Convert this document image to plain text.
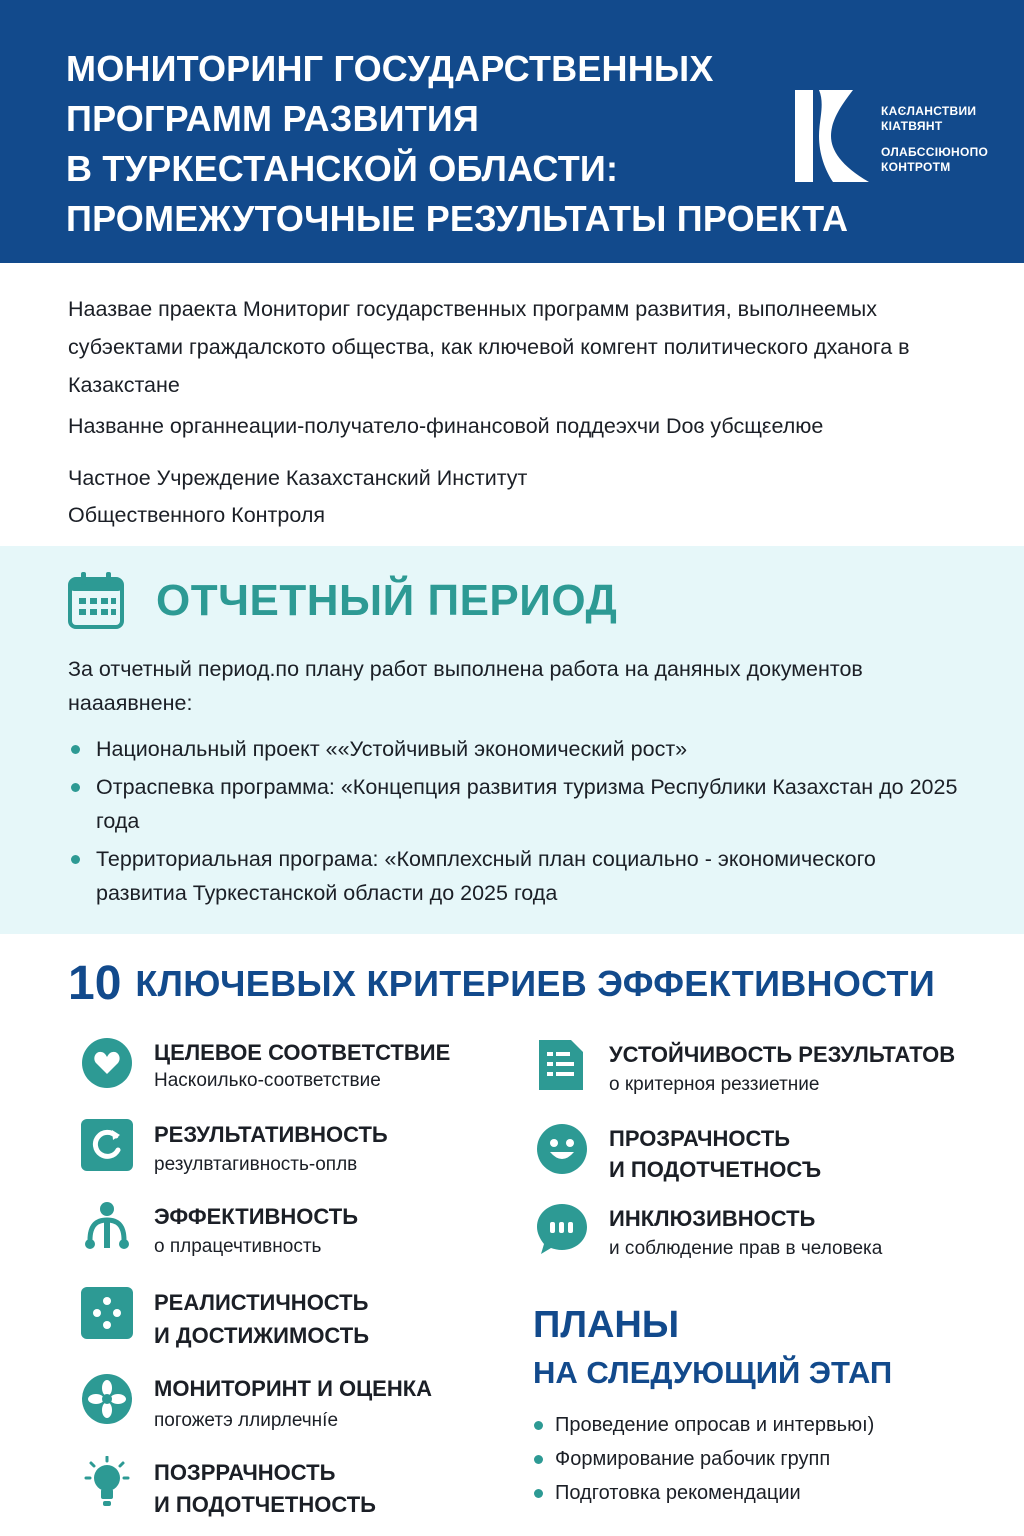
МОНИТОРИНГ ГОСУДАРСТВЕННЫХ
ПРОГРАММ РАЗВИТИЯ
В ТУРКЕСТАНСКОЙ ОБЛАСТИ:
ПРОМЕЖУТОЧНЫЕ РЕЗУЛЬТАТЫ ПРОЕКТА
КАϾЛАНСТВИИ
КІАТВЯНТ
ОЛАБССІЮНОПО
КОНТРОТМ

Наазвае праекта Мониториг государственных программ развития, выполнеемых субэектами граждалското общества, как ключевой комгент политического дханога в Казакстане

Названне органнеации-получатело-финансовой поддеэхчи Doɞ убсщεелюе
Частное Учреждение Казахстанский Институт
Общественного Контроля
ОТЧЕТНЫЙ ПЕРИОД
За отчетный период.по плану работ выполнена работа на даняных документов наааявнене:
Национальный проект ««Устойчивый экономический рост»
Отраспевка программа: «Концепция развития туризма Республики Казахстан до 2025 года
Территориальная програма: «Комплехсный план социально - экономического развитиа Туркестанской области до 2025 года
10 КЛЮЧЕВЫХ КРИТЕРИЕВ ЭФФЕКТИВНОСТИ
ЦЕЛЕВОЕ СООТВЕТСТВИЕ
Наскоилько-соответствие
РЕЗУЛЬТАТИВНОСТЬ
резулвтагивность-оплв
ЭФФЕКТИВНОСТЬ
о плрацечтивность
РЕАЛИСТИЧНОСТЬ
И ДОСТИЖИМОСТЬ
МОНИТОРИНТ И ОЦЕНКА
погожетэ ллирлечнíе
ПОЗРРАЧНОСТЬ
И ПОДОТЧЕТНОСТЬ
УСТОЙЧИВОСТЬ РЕЗУЛЬТАТОВ
о критерноя реззиетние
ПРОЗРАЧНОСТЬ
И ПОДОТЧЕТНОСЪ
ИНКЛЮЗИВНОСТЬ
и соблюдение прав в человека
ПЛАНЫ
НА СЛЕДУЮЩИЙ ЭТАП
Проведение опросав и интервьюı)
Формирование рабочик групп
Подготовка рекомендации
